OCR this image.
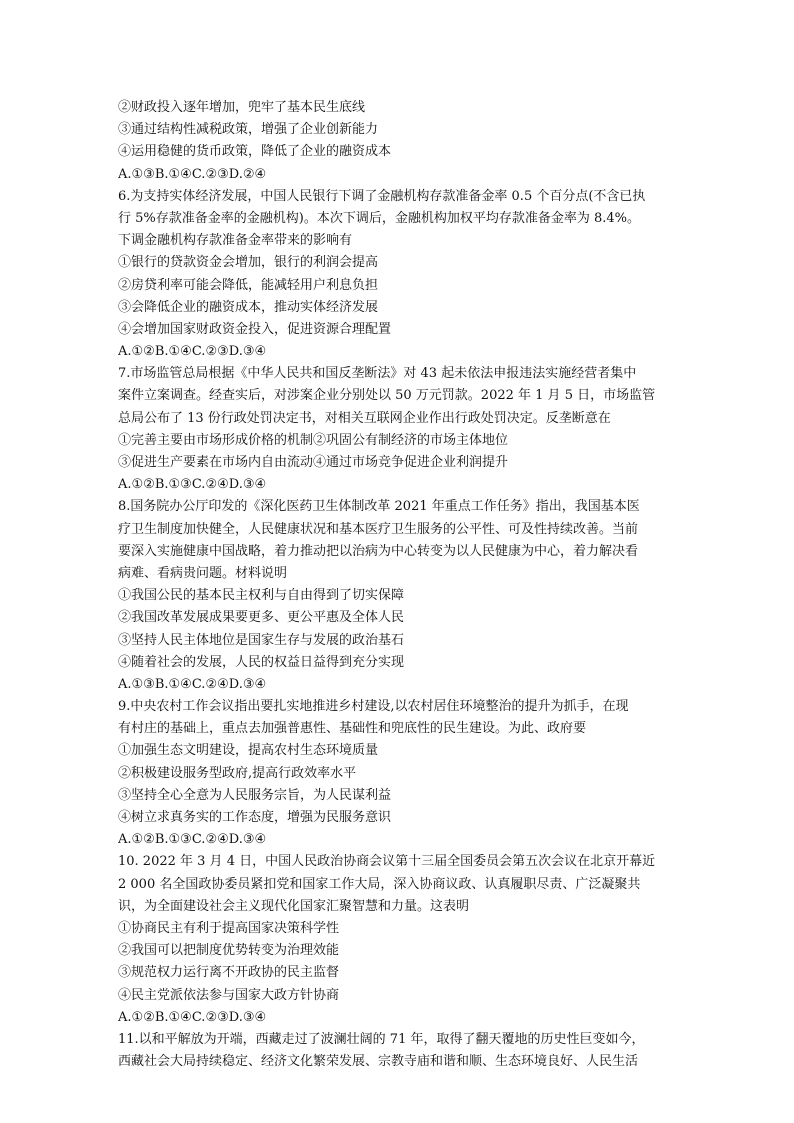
②财政投入逐年增加，兜牢了基本民生底线
③通过结构性减税政策，增强了企业创新能力
④运用稳健的货币政策，降低了企业的融资成本
A.①③B.①④C.②③D.②④
6.为支持实体经济发展，中国人民银行下调了金融机构存款准备金率 0.5 个百分点(不含已执
行 5%存款准备金率的金融机构)。本次下调后，金融机构加权平均存款准备金率为 8.4%。
下调金融机构存款准备金率带来的影响有
①银行的贷款资金会增加，银行的利润会提高
②房贷利率可能会降低，能减轻用户利息负担
③会降低企业的融资成本，推动实体经济发展
④会增加国家财政资金投入，促进资源合理配置
A.①②B.①④C.②③D.③④
7.市场监管总局根据《中华人民共和国反垄断法》对 43 起未依法申报违法实施经营者集中
案件立案调查。经查实后，对涉案企业分别处以 50 万元罚款。2022 年 1 月 5 日，市场监管
总局公布了 13 份行政处罚决定书，对相关互联网企业作出行政处罚决定。反垄断意在
①完善主要由市场形成价格的机制②巩固公有制经济的市场主体地位
③促进生产要素在市场内自由流动④通过市场竞争促进企业利润提升
A.①②B.①③C.②④D.③④
8.国务院办公厅印发的《深化医药卫生体制改革 2021 年重点工作任务》指出，我国基本医
疗卫生制度加快健全，人民健康状况和基本医疗卫生服务的公平性、可及性持续改善。当前
要深入实施健康中国战略，着力推动把以治病为中心转变为以人民健康为中心，着力解决看
病难、看病贵问题。材料说明
①我国公民的基本民主权利与自由得到了切实保障
②我国改革发展成果要更多、更公平惠及全体人民
③坚持人民主体地位是国家生存与发展的政治基石
④随着社会的发展，人民的权益日益得到充分实现
A.①③B.①④C.②④D.③④
9.中央农村工作会议指出要扎实地推进乡村建设,以农村居住环境整治的提升为抓手，在现
有村庄的基础上，重点去加强普惠性、基础性和兜底性的民生建设。为此、政府要
①加强生态文明建设，提高农村生态环境质量
②积极建设服务型政府,提高行政效率水平
③坚持全心全意为人民服务宗旨，为人民谋利益
④树立求真务实的工作态度，增强为民服务意识
A.①②B.①③C.②④D.③④
10. 2022 年 3 月 4 日，中国人民政治协商会议第十三届全国委员会第五次会议在北京开幕近
2 000 名全国政协委员紧扣党和国家工作大局，深入协商议政、认真履职尽责、广泛凝聚共
识，为全面建设社会主义现代化国家汇聚智慧和力量。这表明
①协商民主有利于提高国家决策科学性
②我国可以把制度优势转变为治理效能
③规范权力运行离不开政协的民主监督
④民主党派依法参与国家大政方针协商
A.①②B.①④C.②③D.③④
11.以和平解放为开端，西藏走过了波澜壮阔的 71 年，取得了翻天覆地的历史性巨变如今，
西藏社会大局持续稳定、经济文化繁荣发展、宗教寺庙和谐和顺、生态环境良好、人民生活
